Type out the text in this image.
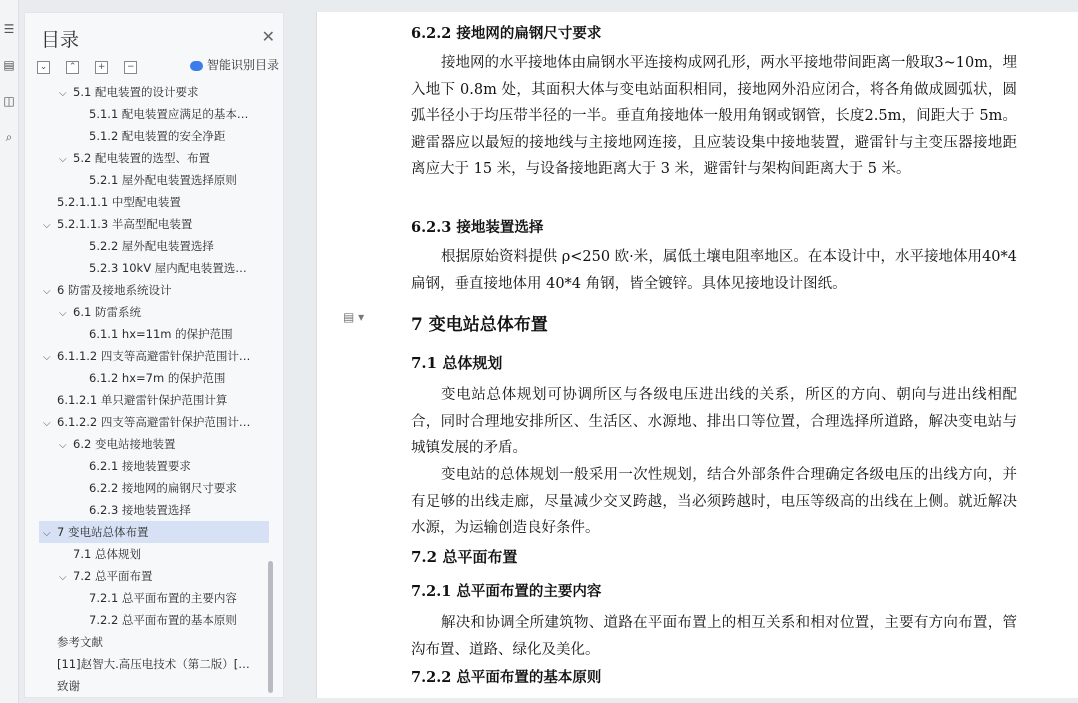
☰
▤
◫
⌕
目录	✕
⌄ ⌃ + −	智能识别目录
⌵ 5.1 配电装置的设计要求
5.1.1 配电装置应满足的基本…
5.1.2 配电装置的安全净距
⌵ 5.2 配电装置的选型、布置
5.2.1 屋外配电装置选择原则
5.2.1.1.1 中型配电装置
⌵ 5.2.1.1.3 半高型配电装置
5.2.2 屋外配电装置选择
5.2.3 10kV 屋内配电装置选…
⌵ 6 防雷及接地系统设计
⌵ 6.1 防雷系统
6.1.1 hx=11m 的保护范围
⌵ 6.1.1.2 四支等高避雷针保护范围计…
6.1.2 hx=7m 的保护范围
6.1.2.1 单只避雷针保护范围计算
⌵ 6.1.2.2 四支等高避雷针保护范围计…
⌵ 6.2 变电站接地装置
6.2.1 接地装置要求
6.2.2 接地网的扁钢尺寸要求
6.2.3 接地装置选择
⌵ 7 变电站总体布置
7.1 总体规划
⌵ 7.2 总平面布置
7.2.1 总平面布置的主要内容
7.2.2 总平面布置的基本原则
参考文献
[11]赵智大.高压电技术（第二版）[…
致谢
▤ ▾
6.2.2 接地网的扁钢尺寸要求
接地网的水平接地体由扁钢水平连接构成网孔形，两水平接地带间距离一般取3~10m，埋入地下 0.8m 处，其面积大体与变电站面积相同，接地网外沿应闭合，将各角做成圆弧状，圆弧半径小于均压带半径的一半。垂直角接地体一般用角钢或钢管，长度2.5m，间距大于 5m。避雷器应以最短的接地线与主接地网连接，且应装设集中接地装置，避雷针与主变压器接地距离应大于 15 米，与设备接地距离大于 3 米，避雷针与架构间距离大于 5 米。
6.2.3 接地装置选择
根据原始资料提供 ρ<250 欧·米，属低土壤电阻率地区。在本设计中，水平接地体用40*4 扁钢，垂直接地体用 40*4 角钢，皆全镀锌。具体见接地设计图纸。
7 变电站总体布置
7.1 总体规划
变电站总体规划可协调所区与各级电压进出线的关系，所区的方向、朝向与进出线相配合，同时合理地安排所区、生活区、水源地、排出口等位置，合理选择所道路，解决变电站与城镇发展的矛盾。
变电站的总体规划一般采用一次性规划，结合外部条件合理确定各级电压的出线方向，并有足够的出线走廊，尽量减少交叉跨越，当必须跨越时，电压等级高的出线在上侧。就近解决水源，为运输创造良好条件。
7.2 总平面布置
7.2.1 总平面布置的主要内容
解决和协调全所建筑物、道路在平面布置上的相互关系和相对位置，主要有方向布置，管沟布置、道路、绿化及美化。
7.2.2 总平面布置的基本原则
